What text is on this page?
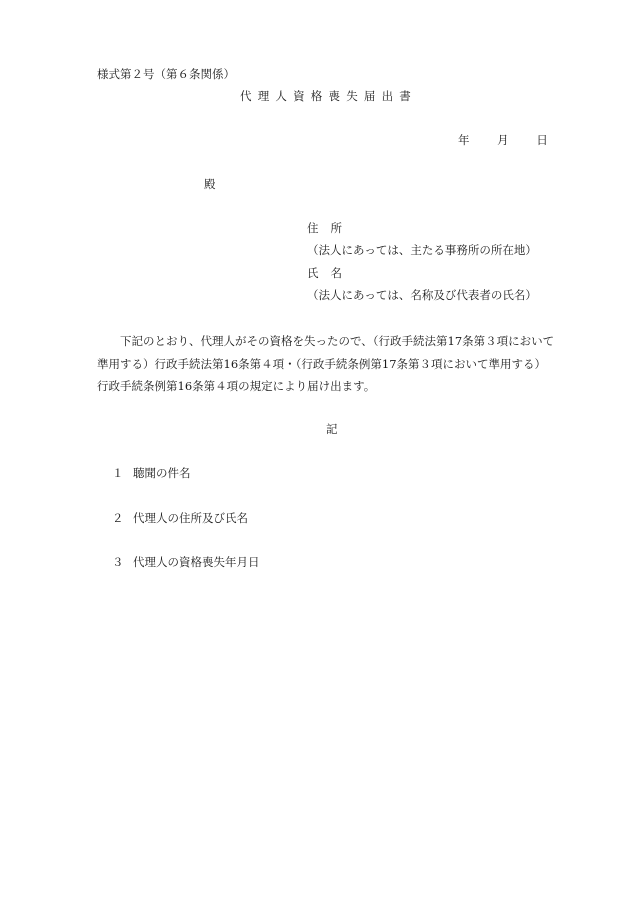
様式第２号（第６条関係）
代理人資格喪失届出書
年 月 日
殿
住所
（法人にあっては、主たる事務所の所在地）
氏名
（法人にあっては、名称及び代表者の氏名）
下記のとおり、代理人がその資格を失ったので、（行政手続法第17条第３項において
準用する）行政手続法第16条第４項・（行政手続条例第17条第３項において準用する）
行政手続条例第16条第４項の規定により届け出ます。
記
１ 聴聞の件名
２ 代理人の住所及び氏名
３ 代理人の資格喪失年月日
